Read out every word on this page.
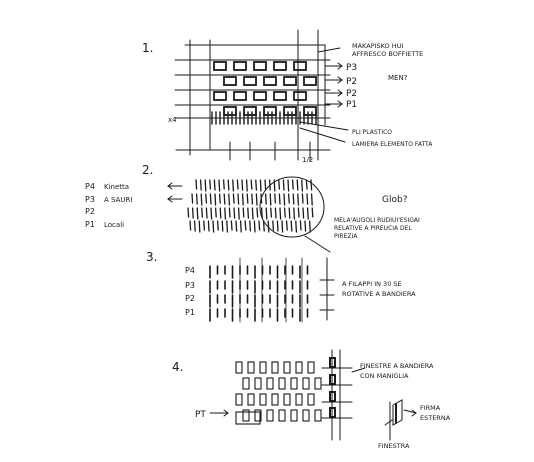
1.
1/2
x4
MAKAPISKO HUI
AFFRESCO BOFFIETTE
P3
P2
P2
P1
MEN?
PLI PLASTICO
LAMIERA ELEMENTO FATTA
2.
P4 Kinetta
P3 A SAURI
P2
P1 Locali
Glob?
MELA'AUGOLI RUDIUI'ESIGAI
RELATIVE A PIREUCIA DEL
PIREZIA
3.
P4
P3
P2
P1
A FILAPPI IN 30 SE
ROTATIVE A BANDIERA
4.
PT
FINESTRE A BANDIERA
CON MANIGLIA
FIRMA
ESTERNA
FINESTRA
